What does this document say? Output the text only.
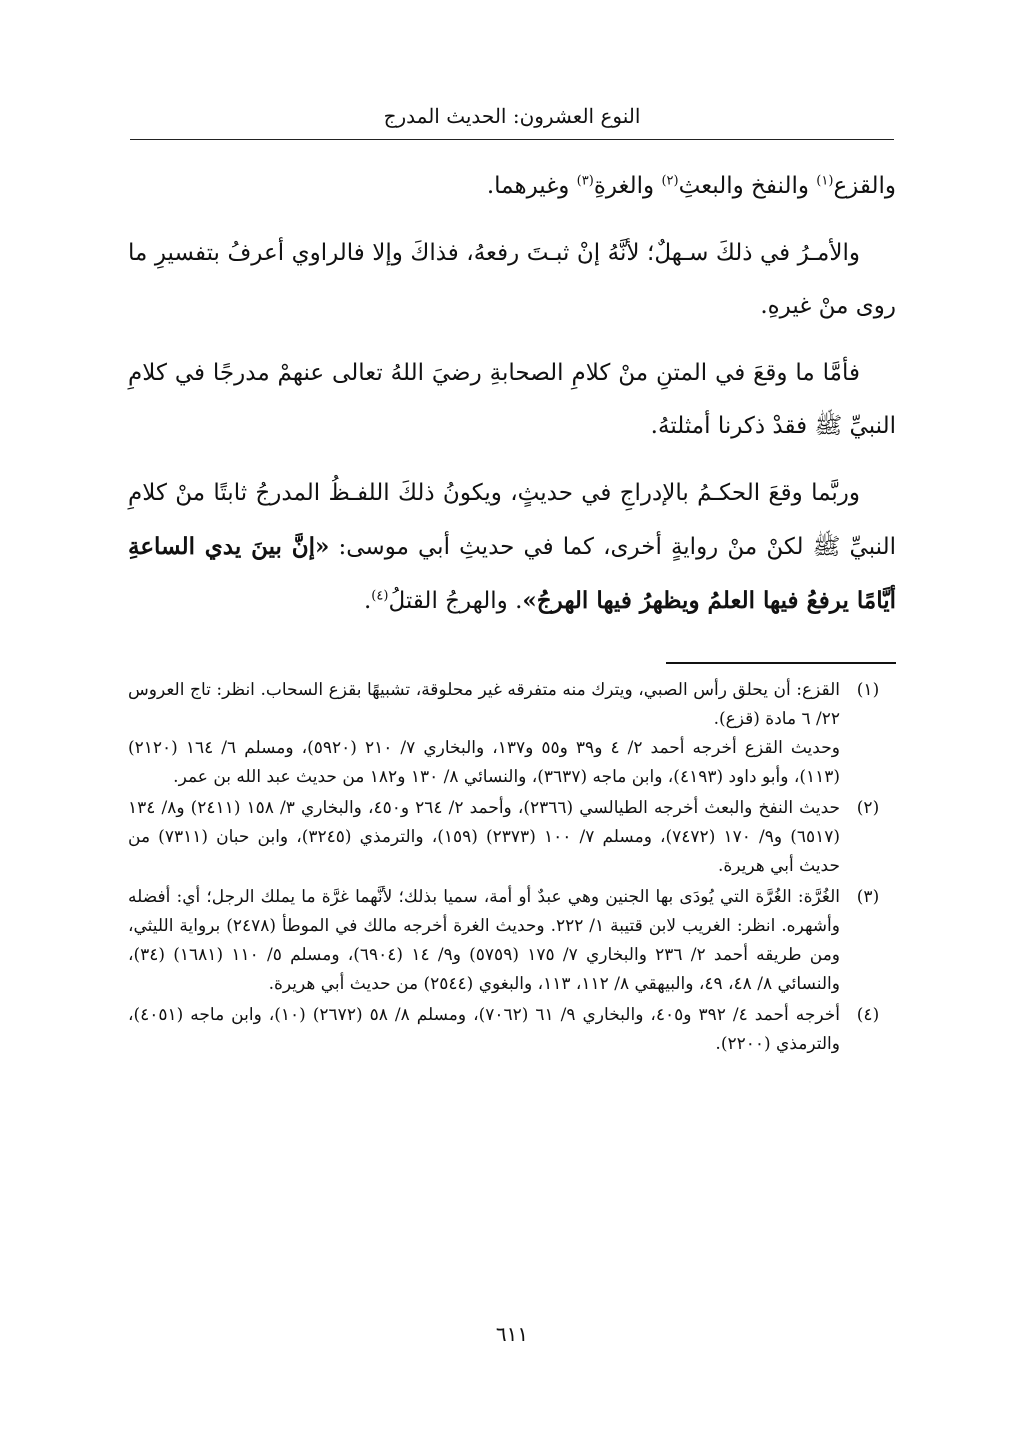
النوع العشرون: الحديث المدرج

والقزع$^{(١)}$ والنفخ والبعثِ$^{(٢)}$ والغرةِ$^{(٣)}$ وغيرهما.

والأمـرُ في ذلكَ سـهلٌ؛ لأنَّهُ إنْ ثبـتَ رفعهُ، فذاكَ وإلا فالراوي أعرفُ بتفسيرِ ما روى منْ غيرهِ.

فأمَّا ما وقعَ في المتنِ منْ كلامِ الصحابةِ رضيَ اللهُ تعالى عنهمْ مدرجًا في كلامِ النبيِّ ﷺ فقدْ ذكرنا أمثلتهُ.

وربَّما وقعَ الحكـمُ بالإدراجِ في حديثٍ، ويكونُ ذلكَ اللفـظُ المدرجُ ثابتًا منْ كلامِ النبيِّ ﷺ لكنْ منْ روايةٍ أخرى، كما في حديثِ أبي موسى: «إنَّ بينَ يدي الساعةِ أيَّامًا يرفعُ فيها العلمُ ويظهرُ فيها الهرجُ». والهرجُ القتلُ$^{(٤)}$.

(١)

القزع: أن يحلق رأس الصبي، ويترك منه متفرقه غير محلوقة، تشبيهًا بقزع السحاب. انظر: تاج العروس ٢٢/ ٦ مادة (قزع).

وحديث القزع أخرجه أحمد ٢/ ٤ و٣٩ و٥٥ و١٣٧، والبخاري ٧/ ٢١٠ (٥٩٢٠)، ومسلم ٦/ ١٦٤ (٢١٢٠) (١١٣)، وأبو داود (٤١٩٣)، وابن ماجه (٣٦٣٧)، والنسائي ٨/ ١٣٠ و١٨٢ من حديث عبد الله بن عمر.

(٢)

حديث النفخ والبعث أخرجه الطيالسي (٢٣٦٦)، وأحمد ٢/ ٢٦٤ و٤٥٠، والبخاري ٣/ ١٥٨ (٢٤١١) و٨/ ١٣٤ (٦٥١٧) و٩/ ١٧٠ (٧٤٧٢)، ومسلم ٧/ ١٠٠ (٢٣٧٣) (١٥٩)، والترمذي (٣٢٤٥)، وابن حبان (٧٣١١) من حديث أبي هريرة.

(٣)

الغُرَّة: الغُرَّة التي يُودَى بها الجنين وهي عبدٌ أو أمة، سميا بذلك؛ لأنَّهما غرَّة ما يملك الرجل؛ أي: أفضله وأشهره. انظر: الغريب لابن قتيبة ١/ ٢٢٢. وحديث الغرة أخرجه مالك في الموطأ (٢٤٧٨) برواية الليثي، ومن طريقه أحمد ٢/ ٢٣٦ والبخاري ٧/ ١٧٥ (٥٧٥٩) و٩/ ١٤ (٦٩٠٤)، ومسلم ٥/ ١١٠ (١٦٨١) (٣٤)، والنسائي ٨/ ٤٨، ٤٩، والبيهقي ٨/ ١١٢، ١١٣، والبغوي (٢٥٤٤) من حديث أبي هريرة.

(٤)

أخرجه أحمد ٤/ ٣٩٢ و٤٠٥، والبخاري ٩/ ٦١ (٧٠٦٢)، ومسلم ٨/ ٥٨ (٢٦٧٢) (١٠)، وابن ماجه (٤٠٥١)، والترمذي (٢٢٠٠).

٦١١
